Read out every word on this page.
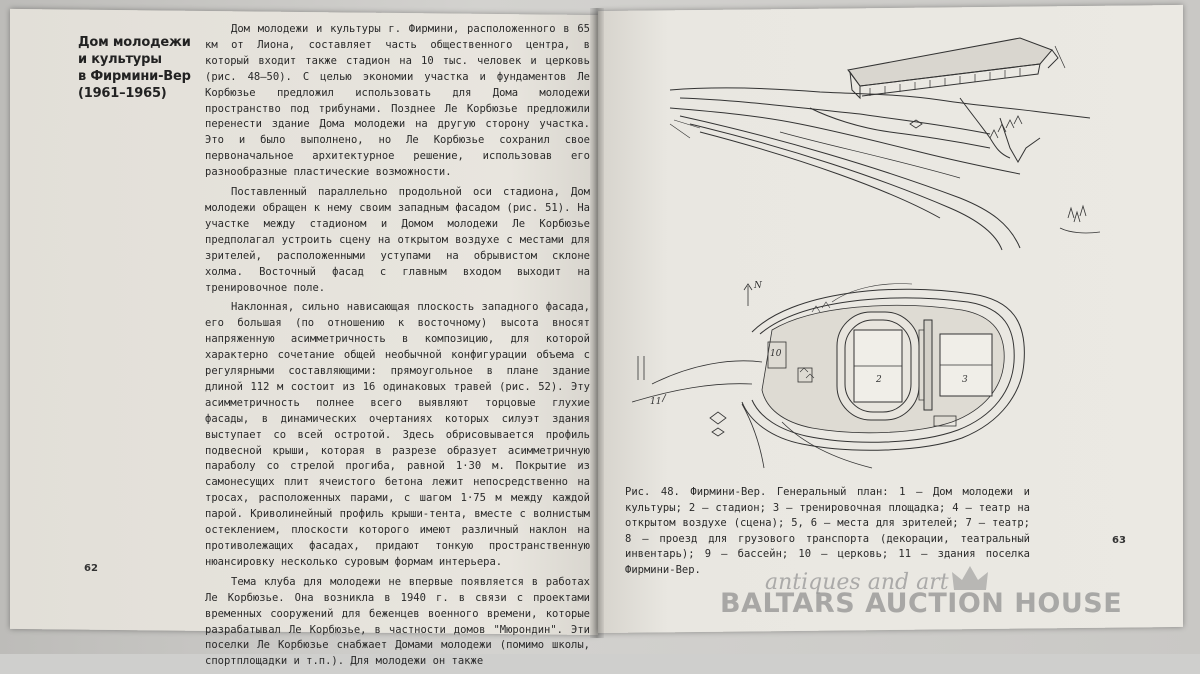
Дом молодежи
и культуры
в Фирмини-Вер
(1961–1965)

Дом молодежи и культуры г. Фирмини, расположенного в 65 км от Лиона, составляет часть общественного центра, в который входит также стадион на 10 тыс. человек и церковь (рис. 48–50). С целью экономии участка и фундаментов Ле Корбюзье предложил использовать для Дома молодежи пространство под трибунами. Позднее Ле Корбюзье предложили перенести здание Дома молодежи на другую сторону участка. Это и было выполнено, но Ле Корбюзье сохранил свое первоначальное архитектурное решение, использовав его разнообразные пластические возможности.

Поставленный параллельно продольной оси стадиона, Дом молодежи обращен к нему своим западным фасадом (рис. 51). На участке между стадионом и Домом молодежи Ле Корбюзье предполагал устроить сцену на открытом воздухе с местами для зрителей, расположенными уступами на обрывистом склоне холма. Восточный фасад с главным входом выходит на тренировочное поле.

Наклонная, сильно нависающая плоскость западного фасада, его большая (по отношению к восточному) высота вносят напряженную асимметричность в композицию, для которой характерно сочетание общей необычной конфигурации объема с регулярными составляющими: прямоугольное в плане здание длиной 112 м состоит из 16 одинаковых травей (рис. 52). Эту асимметричность полнее всего выявляют торцовые глухие фасады, в динамических очертаниях которых силуэт здания выступает со всей остротой. Здесь обрисовывается профиль подвесной крыши, которая в разрезе образует асимметричную параболу со стрелой прогиба, равной 1·30 м. Покрытие из самонесущих плит ячеистого бетона лежит непосредственно на тросах, расположенных парами, с шагом 1·75 м между каждой парой. Криволинейный профиль крыши-тента, вместе с волнистым остеклением, плоскости которого имеют различный наклон на противолежащих фасадах, придают тонкую пространственную нюансировку несколько суровым формам интерьера.

Тема клуба для молодежи не впервые появляется в работах Ле Корбюзье. Она возникла в 1940 г. в связи с проектами временных сооружений для беженцев военного времени, которые разрабатывал Ле Корбюзье, в частности домов "Мюрондин". Эти поселки Ле Корбюзье снабжает Домами молодежи (помимо школы, спортплощадки и т.п.). Для молодежи он также

62
2	3
10
11
N
Рис. 48. Фирмини-Вер. Генеральный план: 1 – Дом молодежи и культуры; 2 – стадион; 3 – тренировочная площадка; 4 – театр на открытом воздухе (сцена); 5, 6 – места для зрителей; 7 – театр; 8 – проезд для грузового транспорта (декорации, театральный инвентарь); 9 – бассейн; 10 – церковь; 11 – здания поселка Фирмини-Вер.
63
antiques and art
BALTARS AUCTION HOUSE
